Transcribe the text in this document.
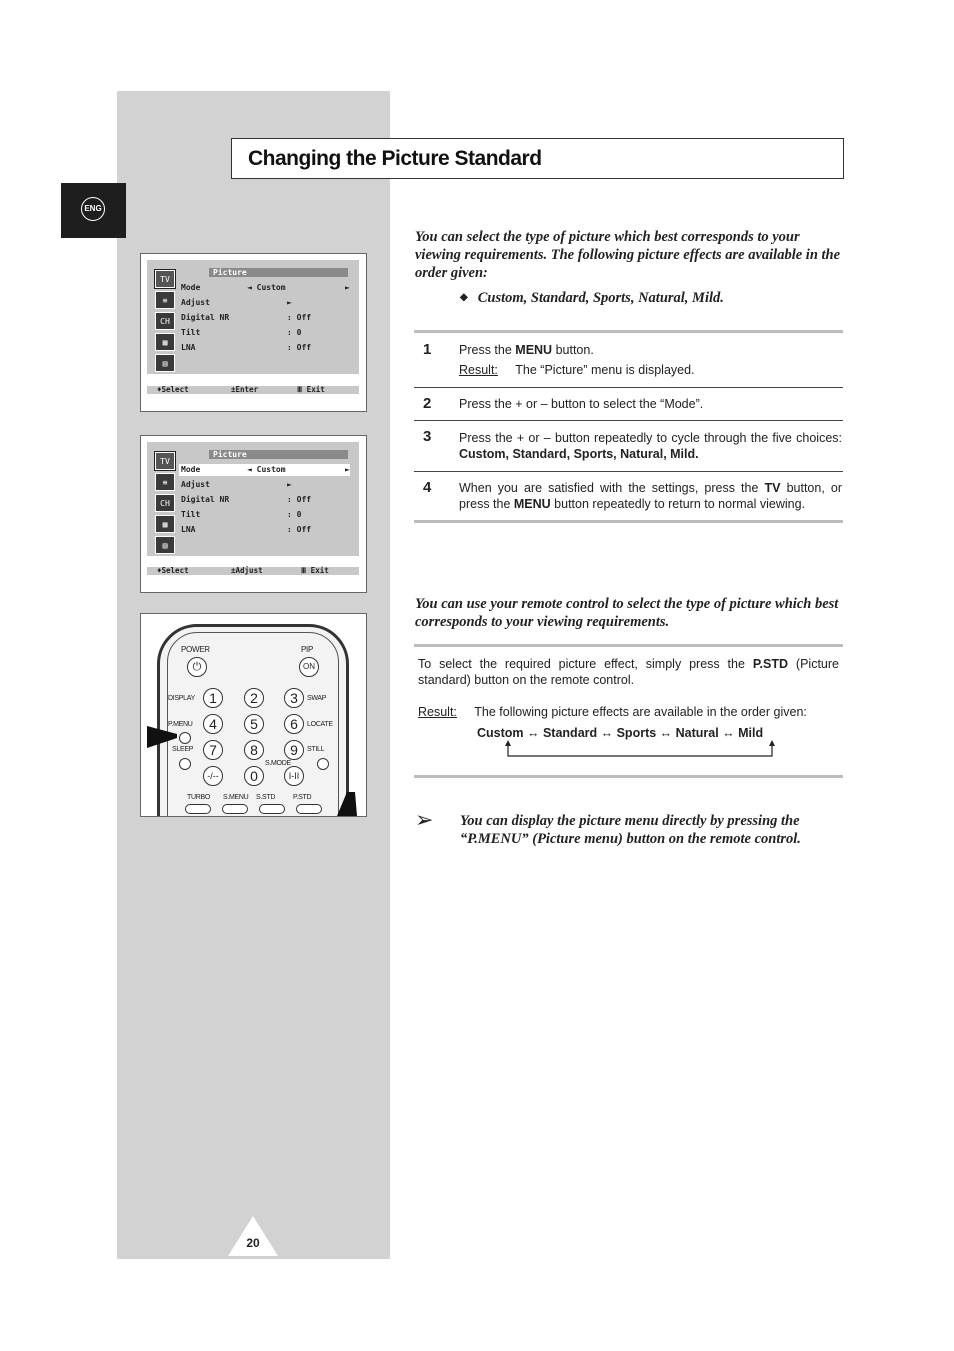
ENG
Changing the Picture Standard
TV
≡
CH
▦
▤
Picture
Mode	◄ Custom	►
Adjust	►
Digital NR	: Off
Tilt	: 0
LNA	: Off
♦Select	±Enter	Ⅲ Exit
TV
≡
CH
▦
▤
Picture
Mode	◄ Custom	►
Adjust	►
Digital NR	: Off
Tilt	: 0
LNA	: Off
♦Select	±Adjust	Ⅲ Exit
POWER	PIP
⏻	ON
DISPLAY	SWAP
P.MENU	LOCATE
SLEEP	STILL
S.MODE
1	2	3
4	5	6
7	8	9
-/--	0	I-II
TURBO S.MENU S.STD	P.STD
You can select the type of picture which best corresponds to your viewing requirements. The following picture effects are available in the order given:
◆ Custom, Standard, Sports, Natural, Mild.
1 Press the MENU button.
Result: The “Picture” menu is displayed.
2 Press the + or – button to select the “Mode”.
3 Press the + or – button repeatedly to cycle through the five choices: Custom, Standard, Sports, Natural, Mild.
4 When you are satisfied with the settings, press the TV button, or press the MENU button repeatedly to return to normal viewing.
You can use your remote control to select the type of picture which best corresponds to your viewing requirements.
To select the required picture effect, simply press the P.STD (Picture standard) button on the remote control.
Result: The following picture effects are available in the order given:
Custom ↔ Standard ↔ Sports ↔ Natural ↔ Mild
➢ You can display the picture menu directly by pressing the “P.MENU” (Picture menu) button on the remote control.
20
